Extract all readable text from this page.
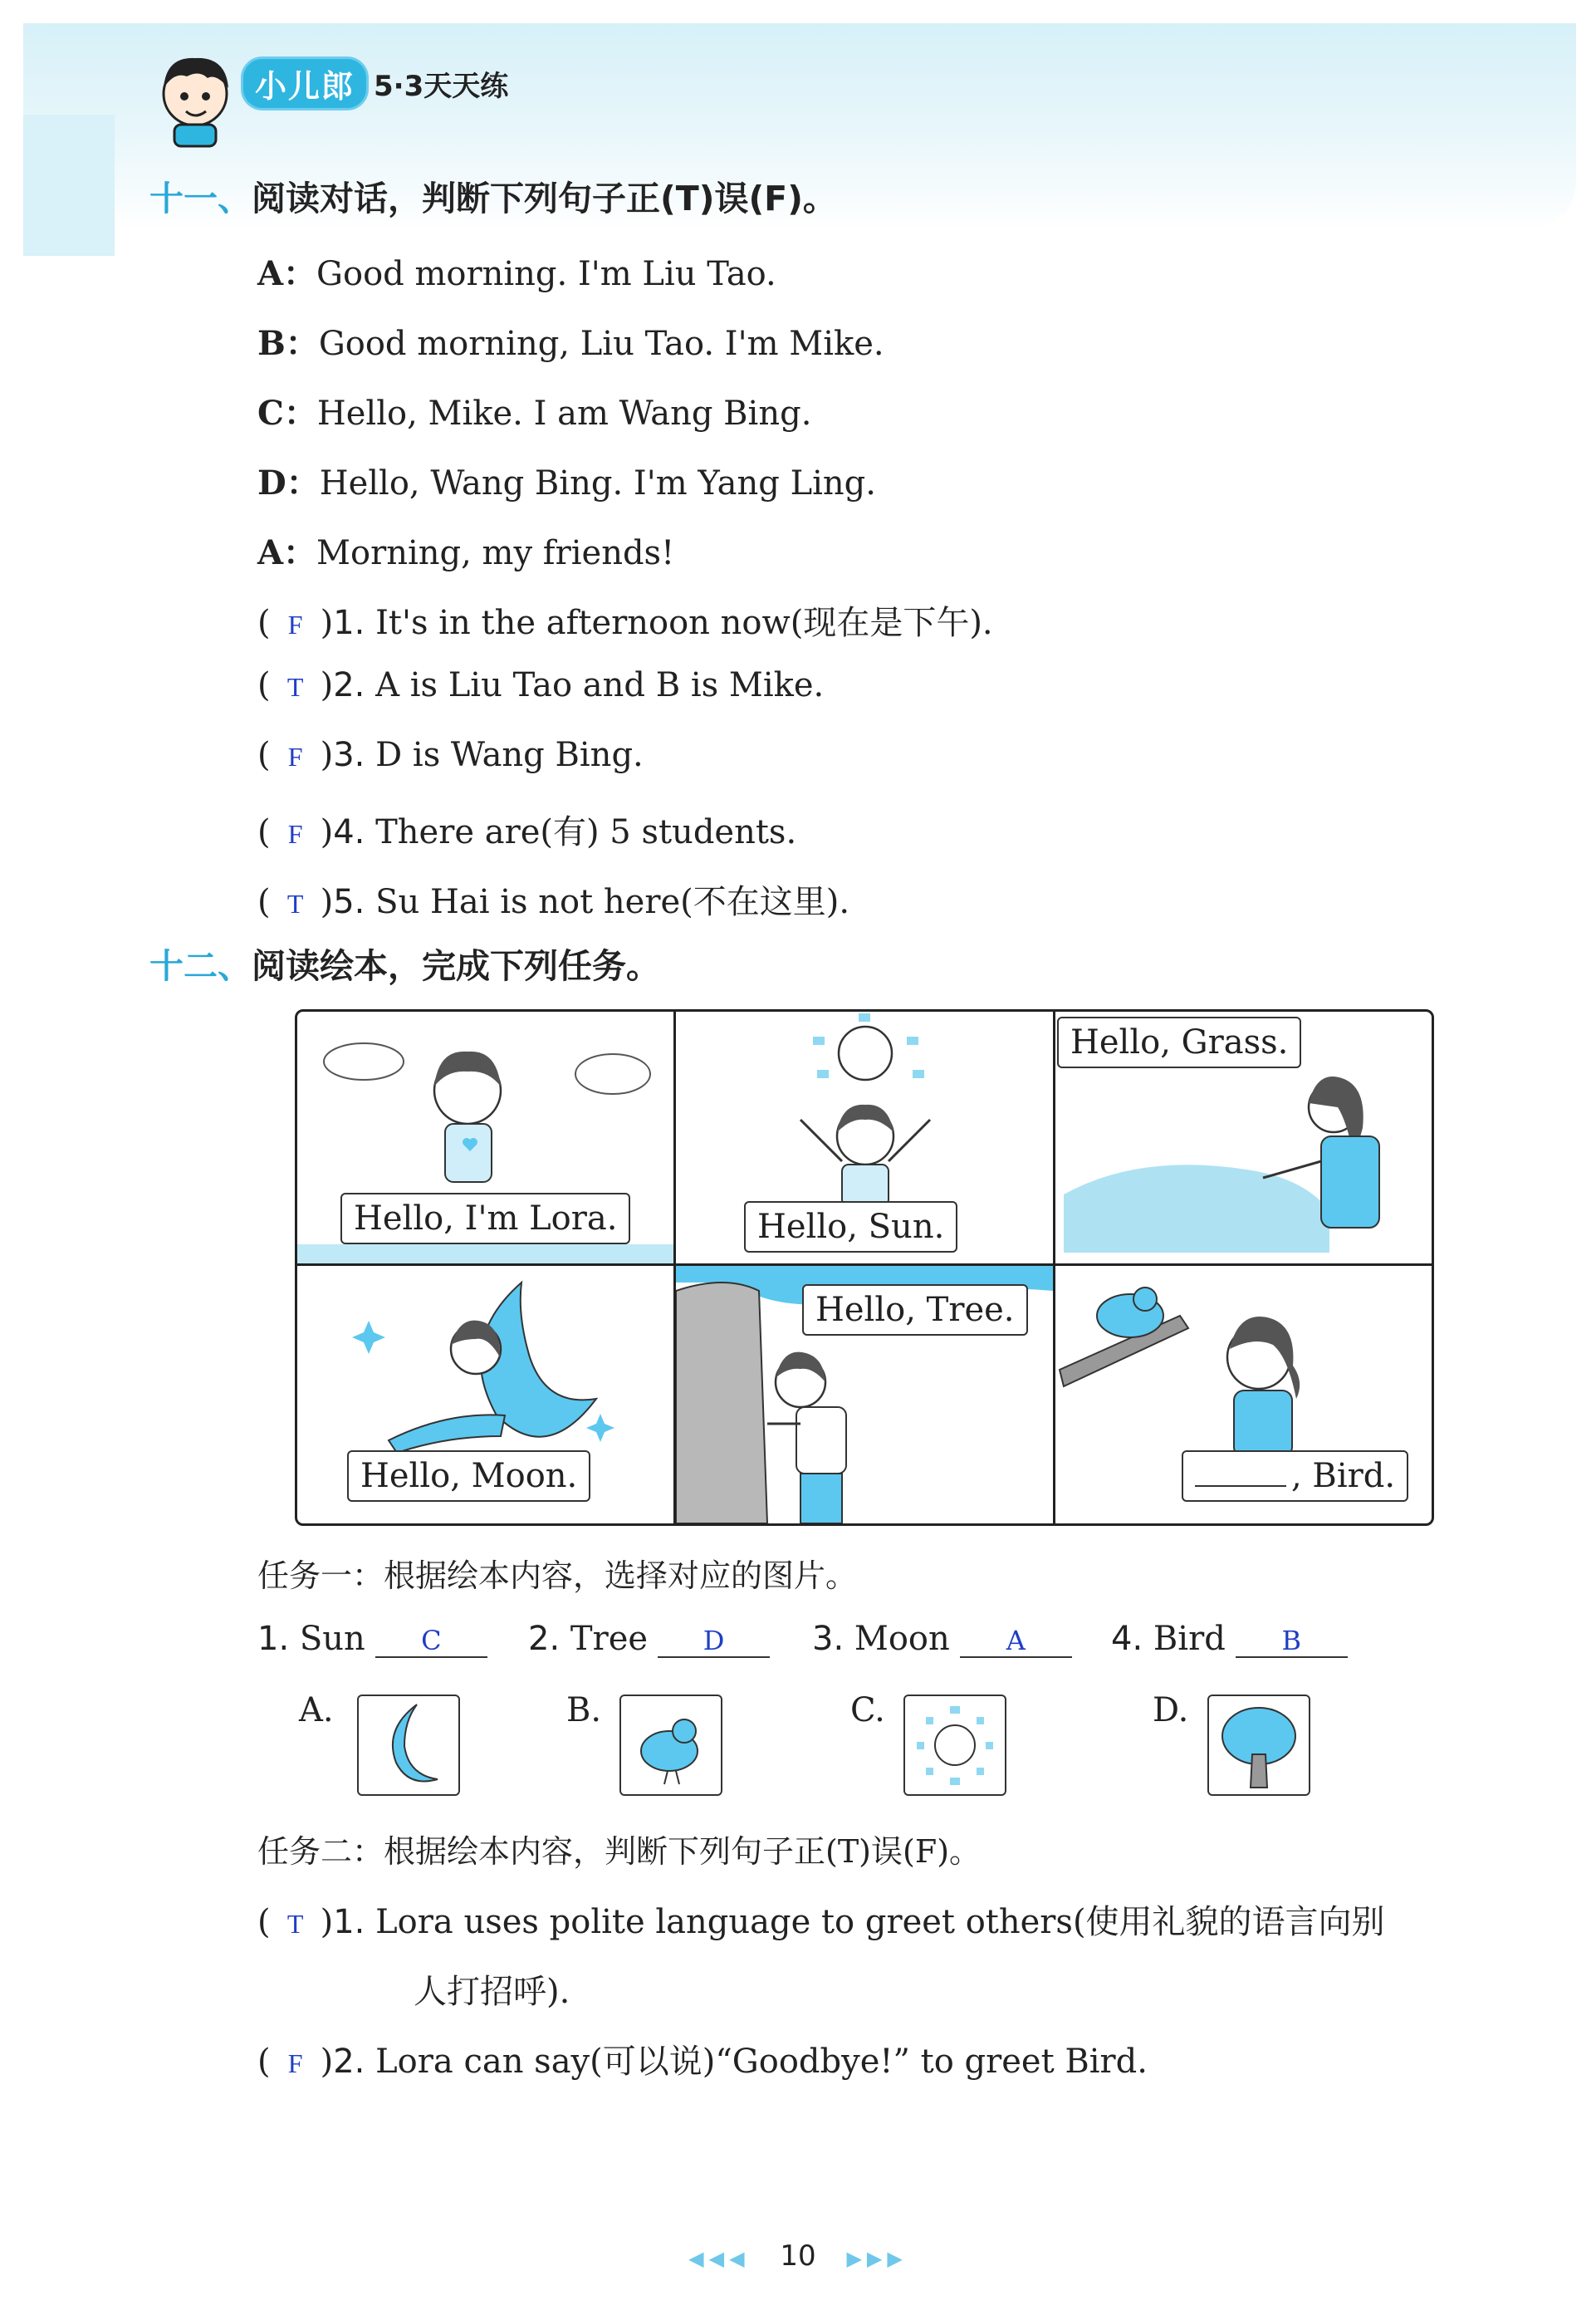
小儿郎 5·3天天练
十一、阅读对话，判断下列句子正(T)误(F)。
A：Good morning. I'm Liu Tao.
B：Good morning, Liu Tao. I'm Mike.
C：Hello, Mike. I am Wang Bing.
D：Hello, Wang Bing. I'm Yang Ling.
A：Morning, my friends!
( F )1. It's in the afternoon now(现在是下午).
( T )2. A is Liu Tao and B is Mike.
( F )3. D is Wang Bing.
( F )4. There are(有) 5 students.
( T )5. Su Hai is not here(不在这里).
十二、阅读绘本，完成下列任务。
Hello, I'm Lora.	Hello, Sun.
Hello, Grass.
Hello, Moon.
Hello, Tree.
, Bird.
任务一：根据绘本内容，选择对应的图片。
1. Sun C	2. Tree D	3. Moon A	4. Bird B
A.	B.	C.	D.
任务二：根据绘本内容，判断下列句子正(T)误(F)。
( T )1. Lora uses polite language to greet others(使用礼貌的语言向别
人打招呼).
( F )2. Lora can say(可以说)“Goodbye!” to greet Bird.
◀◀◀ 10 ▶▶▶
